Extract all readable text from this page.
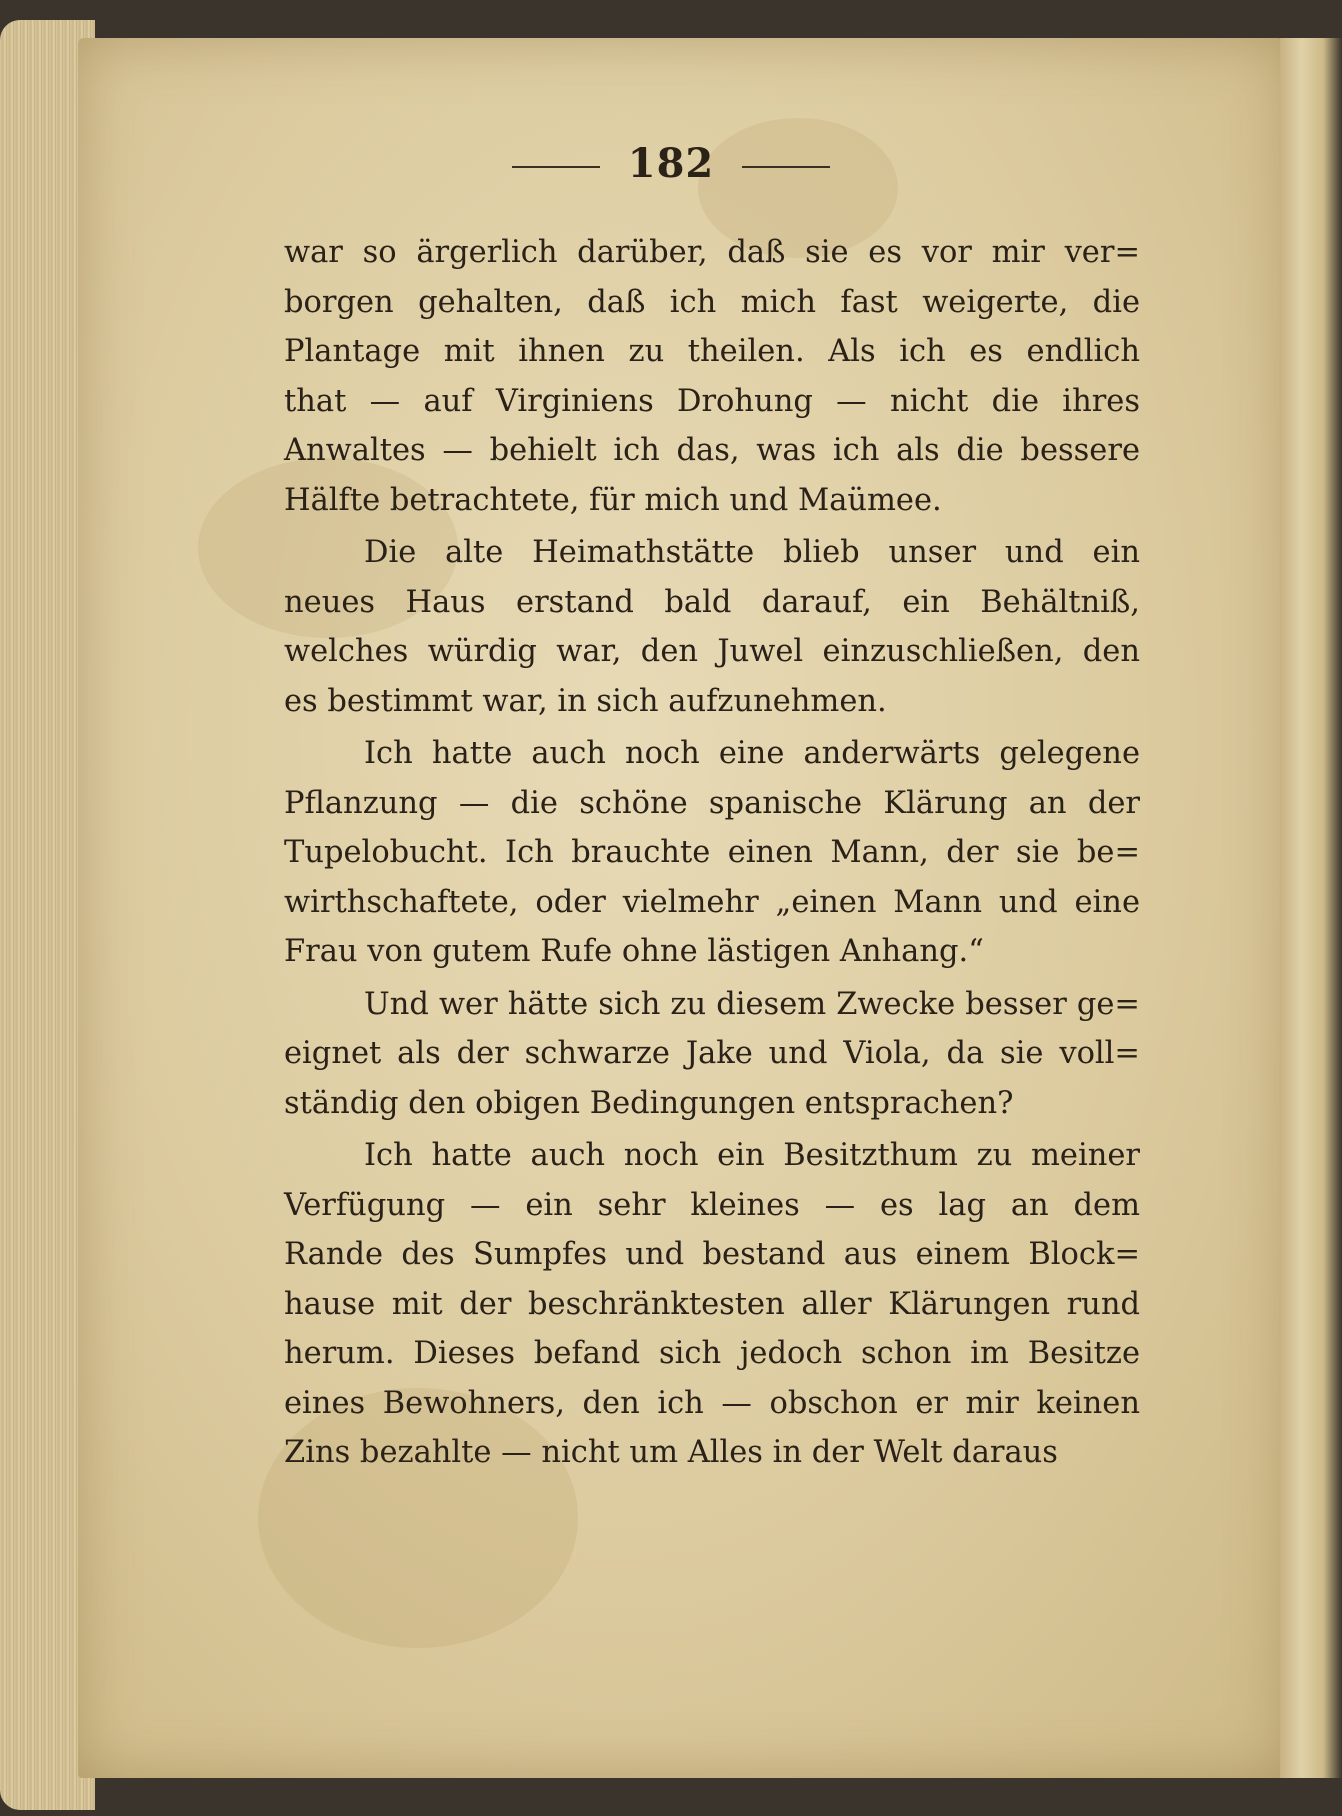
182
war so ärgerlich darüber, daß sie es vor mir ver=
borgen gehalten, daß ich mich fast weigerte, die
Plantage mit ihnen zu theilen. Als ich es endlich
that — auf Virginiens Drohung — nicht die ihres
Anwaltes — behielt ich das, was ich als die bessere
Hälfte betrachtete, für mich und Maümee.
Die alte Heimathstätte blieb unser und ein
neues Haus erstand bald darauf, ein Behältniß,
welches würdig war, den Juwel einzuschließen, den
es bestimmt war, in sich aufzunehmen.
Ich hatte auch noch eine anderwärts gelegene
Pflanzung — die schöne spanische Klärung an der
Tupelobucht. Ich brauchte einen Mann, der sie be=
wirthschaftete, oder vielmehr „einen Mann und eine
Frau von gutem Rufe ohne lästigen Anhang.“
Und wer hätte sich zu diesem Zwecke besser ge=
eignet als der schwarze Jake und Viola, da sie voll=
ständig den obigen Bedingungen entsprachen?
Ich hatte auch noch ein Besitzthum zu meiner
Verfügung — ein sehr kleines — es lag an dem
Rande des Sumpfes und bestand aus einem Block=
hause mit der beschränktesten aller Klärungen rund
herum. Dieses befand sich jedoch schon im Besitze
eines Bewohners, den ich — obschon er mir keinen
Zins bezahlte — nicht um Alles in der Welt daraus
